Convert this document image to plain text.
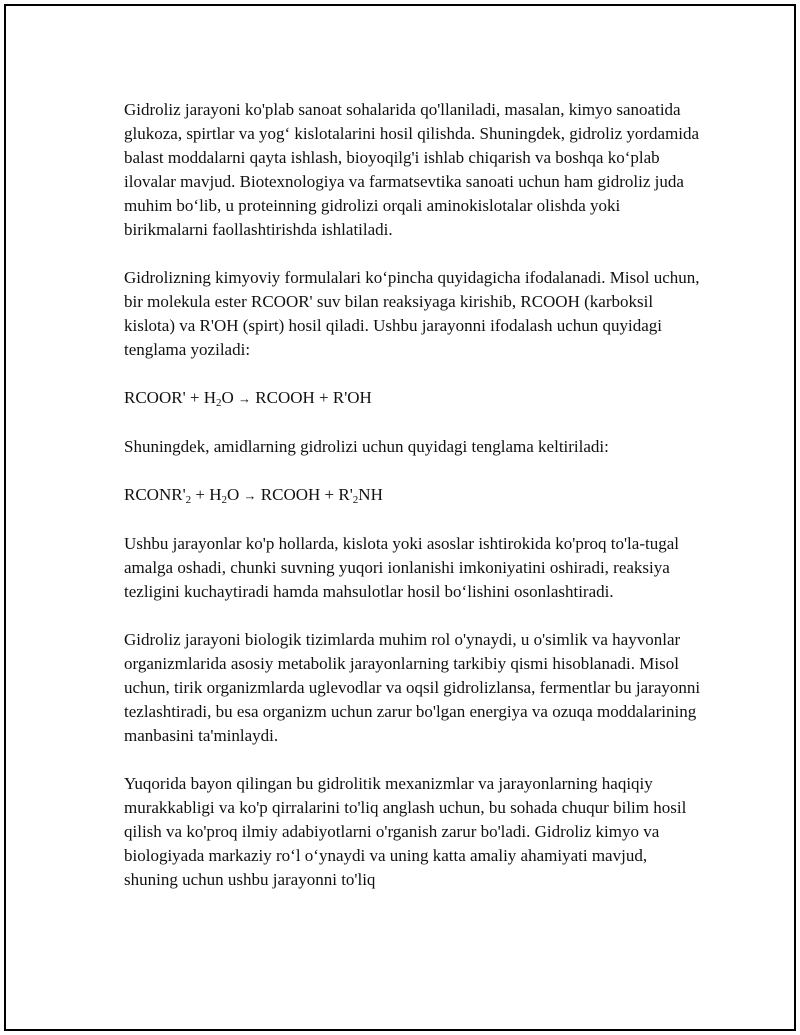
Gidroliz jarayoni ko'plab sanoat sohalarida qo'llaniladi, masalan, kimyo sanoatida glukoza, spirtlar va yog‘ kislotalarini hosil qilishda. Shuningdek, gidroliz yordamida balast moddalarni qayta ishlash, bioyoqilg'i ishlab chiqarish va boshqa ko‘plab ilovalar mavjud. Biotexnologiya va farmatsevtika sanoati uchun ham gidroliz juda muhim bo‘lib, u proteinning gidrolizi orqali aminokislotalar olishda yoki birikmalarni faollashtirishda ishlatiladi.

Gidrolizning kimyoviy formulalari ko‘pincha quyidagicha ifodalanadi. Misol uchun, bir molekula ester RCOOR' suv bilan reaksiyaga kirishib, RCOOH (karboksil kislota) va R'OH (spirt) hosil qiladi. Ushbu jarayonni ifodalash uchun quyidagi tenglama yoziladi:

RCOOR' + $H_2O$ → RCOOH + R'OH

Shuningdek, amidlarning gidrolizi uchun quyidagi tenglama keltiriladi:

$RCONR'_2 + H_2O$ → RCOOH + $R'_2NH$

Ushbu jarayonlar ko'p hollarda, kislota yoki asoslar ishtirokida ko'proq to'la-tugal amalga oshadi, chunki suvning yuqori ionlanishi imkoniyatini oshiradi, reaksiya tezligini kuchaytiradi hamda mahsulotlar hosil bo‘lishini osonlashtiradi.

Gidroliz jarayoni biologik tizimlarda muhim rol o'ynaydi, u o'simlik va hayvonlar organizmlarida asosiy metabolik jarayonlarning tarkibiy qismi hisoblanadi. Misol uchun, tirik organizmlarda uglevodlar va oqsil gidrolizlansa, fermentlar bu jarayonni tezlashtiradi, bu esa organizm uchun zarur bo'lgan energiya va ozuqa moddalarining manbasini ta'minlaydi.

Yuqorida bayon qilingan bu gidrolitik mexanizmlar va jarayonlarning haqiqiy murakkabligi va ko'p qirralarini to'liq anglash uchun, bu sohada chuqur bilim hosil qilish va ko'proq ilmiy adabiyotlarni o'rganish zarur bo'ladi. Gidroliz kimyo va biologiyada markaziy ro‘l o‘ynaydi va uning katta amaliy ahamiyati mavjud, shuning uchun ushbu jarayonni to'liq
